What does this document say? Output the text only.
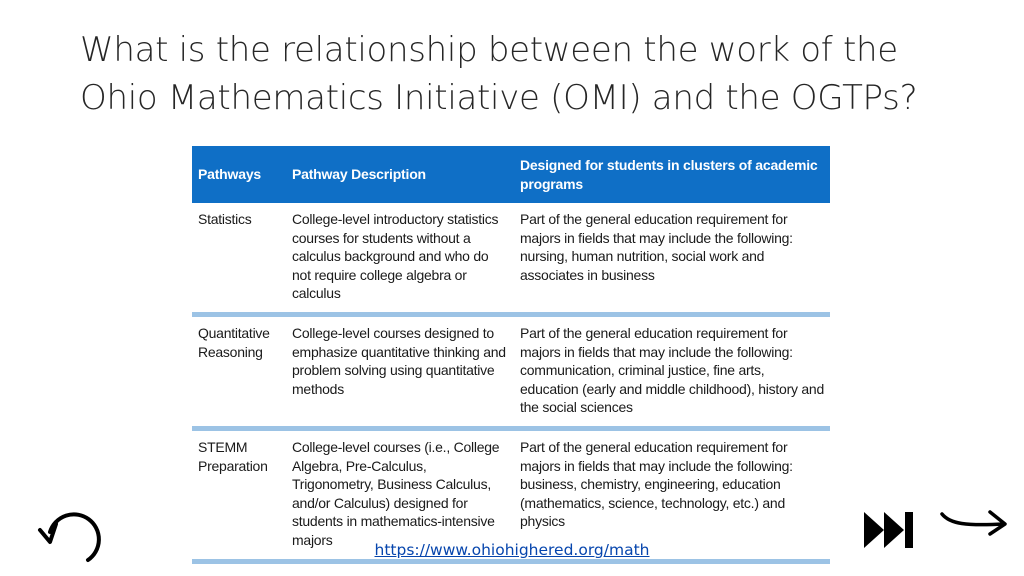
What is the relationship between the work of the
Ohio Mathematics Initiative (OMI) and the OGTPs?
Pathways	Pathway Description	Designed for students in clusters of academic programs
Statistics	College-level introductory statistics courses for students without a calculus background and who do not require college algebra or calculus	Part of the general education requirement for majors in fields that may include the following: nursing, human nutrition, social work and associates in business
Quantitative Reasoning	College-level courses designed to emphasize quantitative thinking and problem solving using quantitative methods	Part of the general education requirement for majors in fields that may include the following: communication, criminal justice, fine arts, education (early and middle childhood), history and the social sciences
STEMM Preparation	College-level courses (i.e., College Algebra, Pre-Calculus, Trigonometry, Business Calculus, and/or Calculus) designed for students in mathematics-intensive majors	Part of the general education requirement for majors in fields that may include the following: business, chemistry, engineering, education (mathematics, science, technology, etc.) and physics
https://www.ohiohighered.org/math
